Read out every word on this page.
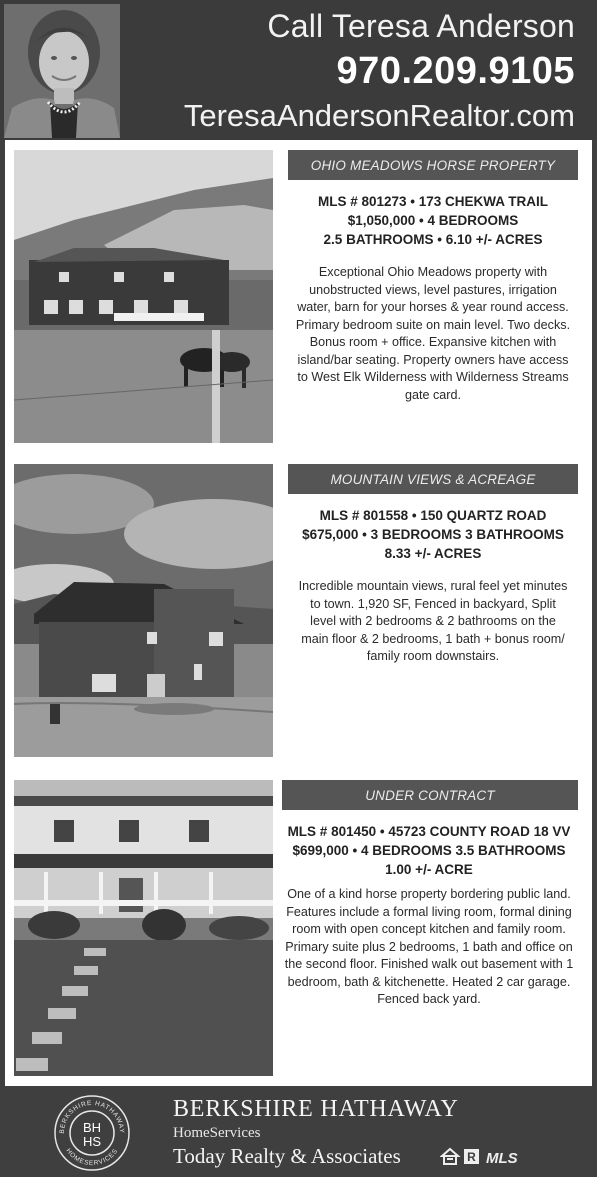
Call Teresa Anderson
970.209.9105
TeresaAndersonRealtor.com
OHIO MEADOWS HORSE PROPERTY
MLS # 801273 • 173 CHEKWA TRAIL
$1,050,000 • 4 BEDROOMS
2.5 BATHROOMS • 6.10 +/- ACRES
Exceptional Ohio Meadows property with
unobstructed views, level pastures, irrigation
water, barn for your horses & year round access.
Primary bedroom suite on main level. Two decks.
Bonus room + office. Expansive kitchen with
island/bar seating. Property owners have access
to West Elk Wilderness with Wilderness Streams
gate card.
MOUNTAIN VIEWS & ACREAGE
MLS # 801558 • 150 QUARTZ ROAD
$675,000 • 3 BEDROOMS 3 BATHROOMS
8.33 +/- ACRES
Incredible mountain views, rural feel yet minutes
to town. 1,920 SF, Fenced in backyard, Split
level with 2 bedrooms & 2 bathrooms on the
main floor & 2 bedrooms, 1 bath + bonus room/
family room downstairs.
UNDER CONTRACT
MLS # 801450 • 45723 COUNTY ROAD 18 VV
$699,000 • 4 BEDROOMS 3.5 BATHROOMS
1.00 +/- ACRE
One of a kind horse property bordering public land.
Features include a formal living room, formal dining
room with open concept kitchen and family room.
Primary suite plus 2 bedrooms, 1 bath and office on
the second floor. Finished walk out basement with 1
bedroom, bath & kitchenette. Heated 2 car garage.
Fenced back yard.
BERKSHIRE HATHAWAY
HOMESERVICES
BH
HS
BERKSHIRE HATHAWAY
HomeServices
Today Realty & Associates	R MLS
